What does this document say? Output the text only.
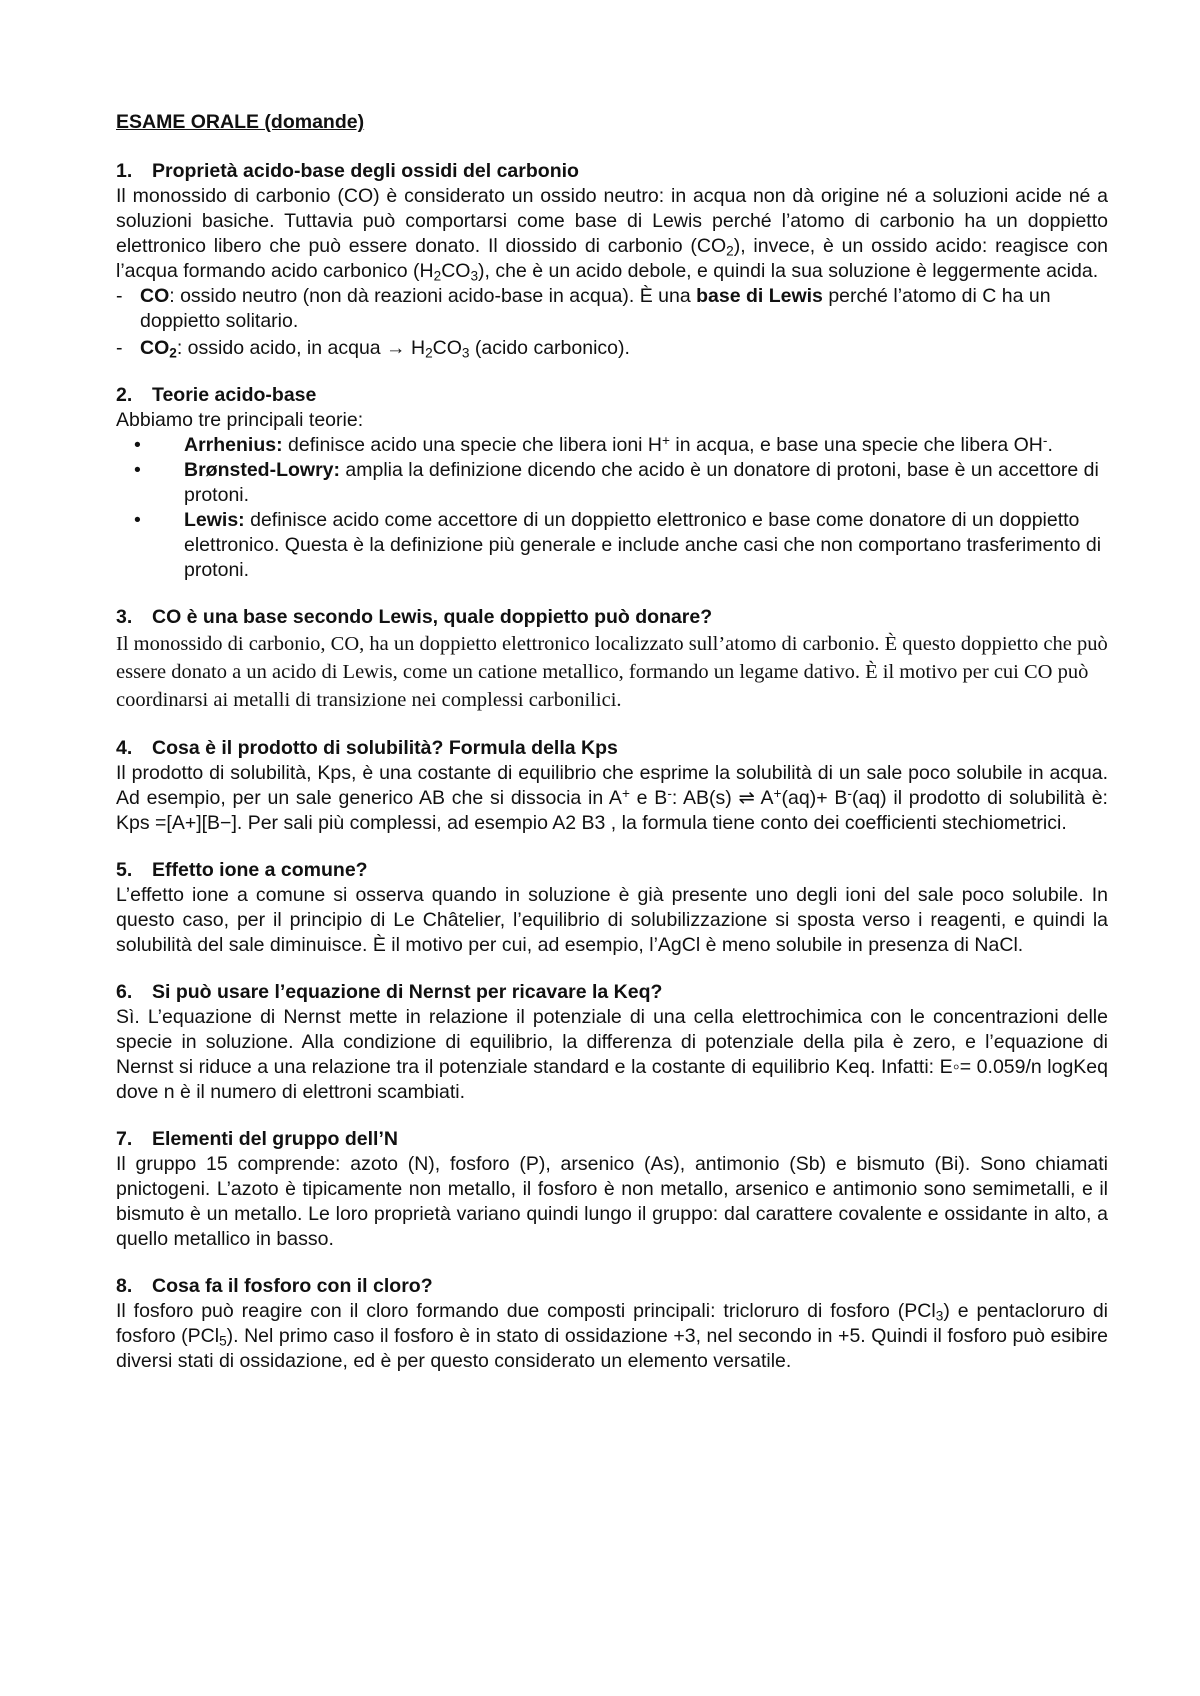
ESAME ORALE (domande)

1.	Proprietà acido-base degli ossidi del carbonio

Il monossido di carbonio (CO) è considerato un ossido neutro: in acqua non dà origine né a soluzioni acide né a soluzioni basiche. Tuttavia può comportarsi come base di Lewis perché l’atomo di carbonio ha un doppietto elettronico libero che può essere donato. Il diossido di carbonio $(CO_2)$, invece, è un ossido acido: reagisce con l’acqua formando acido carbonico $(H_2CO_3)$, che è un acido debole, e quindi la sua soluzione è leggermente acida.

- CO: ossido neutro (non dà reazioni acido-base in acqua). È una base di Lewis perché l’atomo di C ha un doppietto solitario.
- $CO_2$: ossido acido, in acqua → $H_2CO_3$ (acido carbonico).

2.	Teorie acido-base

Abbiamo tre principali teorie:

• Arrhenius: definisce acido una specie che libera ioni H+ in acqua, e base una specie che libera OH-.
• Brønsted-Lowry: amplia la definizione dicendo che acido è un donatore di protoni, base è un accettore di protoni.
• Lewis: definisce acido come accettore di un doppietto elettronico e base come donatore di un doppietto elettronico. Questa è la definizione più generale e include anche casi che non comportano trasferimento di protoni.

3.	CO è una base secondo Lewis, quale doppietto può donare?

Il monossido di carbonio, CO, ha un doppietto elettronico localizzato sull’atomo di carbonio. È questo doppietto che può essere donato a un acido di Lewis, come un catione metallico, formando un legame dativo. È il motivo per cui CO può coordinarsi ai metalli di transizione nei complessi carbonilici.

4.	Cosa è il prodotto di solubilità? Formula della Kps

Il prodotto di solubilità, Kps, è una costante di equilibrio che esprime la solubilità di un sale poco solubile in acqua. Ad esempio, per un sale generico AB che si dissocia in A+ e B-: AB(s) ⇌ A+(aq)+ B-(aq) il prodotto di solubilità è: Kps =[A+][B−]. Per sali più complessi, ad esempio A2 B3 , la formula tiene conto dei coefficienti stechiometrici.

5.	Effetto ione a comune?

L’effetto ione a comune si osserva quando in soluzione è già presente uno degli ioni del sale poco solubile. In questo caso, per il principio di Le Châtelier, l’equilibrio di solubilizzazione si sposta verso i reagenti, e quindi la solubilità del sale diminuisce. È il motivo per cui, ad esempio, l’AgCl è meno solubile in presenza di NaCl.

6.	Si può usare l’equazione di Nernst per ricavare la Keq?

Sì. L’equazione di Nernst mette in relazione il potenziale di una cella elettrochimica con le concentrazioni delle specie in soluzione. Alla condizione di equilibrio, la differenza di potenziale della pila è zero, e l’equazione di Nernst si riduce a una relazione tra il potenziale standard e la costante di equilibrio Keq. Infatti: E◦= 0.059/n logKeq dove n è il numero di elettroni scambiati.

7.	Elementi del gruppo dell’N

Il gruppo 15 comprende: azoto (N), fosforo (P), arsenico (As), antimonio (Sb) e bismuto (Bi). Sono chiamati pnictogeni. L’azoto è tipicamente non metallo, il fosforo è non metallo, arsenico e antimonio sono semimetalli, e il bismuto è un metallo. Le loro proprietà variano quindi lungo il gruppo: dal carattere covalente e ossidante in alto, a quello metallico in basso.

8.	Cosa fa il fosforo con il cloro?

Il fosforo può reagire con il cloro formando due composti principali: tricloruro di fosforo (PCl$_3$) e pentacloruro di fosforo (PCl$_5$). Nel primo caso il fosforo è in stato di ossidazione +3, nel secondo in +5. Quindi il fosforo può esibire diversi stati di ossidazione, ed è per questo considerato un elemento versatile.
